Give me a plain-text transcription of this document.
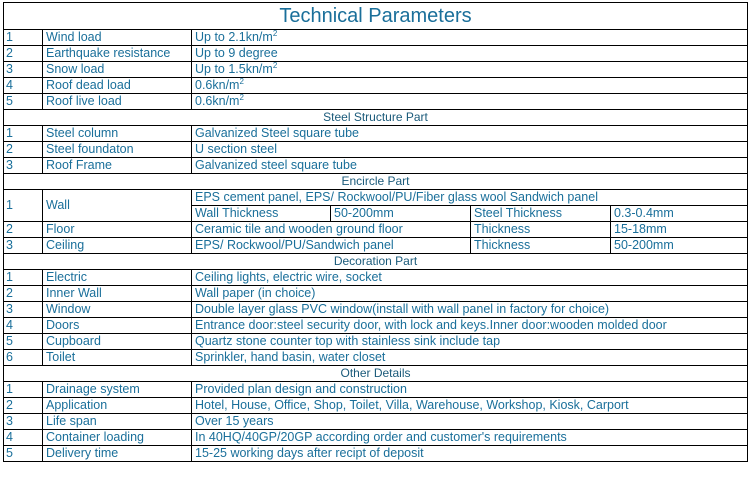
Technical Parameters					
1	Wind load	Up to $2.1kn/m^2$
2	Earthquake resistance	Up to 9 degree			
3	Snow load	Up to $1.5kn/m^2$
4	Roof dead load	$0.6kn/m^2$
5	Roof live load	$0.6kn/m^2$
Steel Structure Part					
1	Steel column	Galvanized Steel square tube			
2	Steel foundaton	U section steel			
3	Roof Frame	Galvanized steel square tube			
Encircle Part					
1	Wall	EPS cement panel, EPS/ Rockwool/PU/Fiber glass wool Sandwich panel			
		Wall Thickness	50-200mm	Steel Thickness	0.3-0.4mm
2	Floor	Ceramic tile and wooden ground floor		Thickness	15-18mm
3	Ceiling	EPS/ Rockwool/PU/Sandwich panel		Thickness	50-200mm
Decoration Part					
1	Electric	Ceiling lights, electric wire, socket			
2	Inner Wall	Wall paper (in choice)			
3	Window	Double layer glass PVC window(install with wall panel in factory for choice)			
4	Doors	Entrance door:steel security door, with lock and keys.Inner door:wooden molded door			
5	Cupboard	Quartz stone counter top with stainless sink include tap			
6	Toilet	Sprinkler, hand basin, water closet			
Other Details					
1	Drainage system	Provided plan design and construction			
2	Application	Hotel, House, Office, Shop, Toilet, Villa, Warehouse, Workshop, Kiosk, Carport			
3	Life span	Over 15 years			
4	Container loading	In 40HQ/40GP/20GP according order and customer's requirements			
5	Delivery time	15-25 working days after recipt of deposit			
